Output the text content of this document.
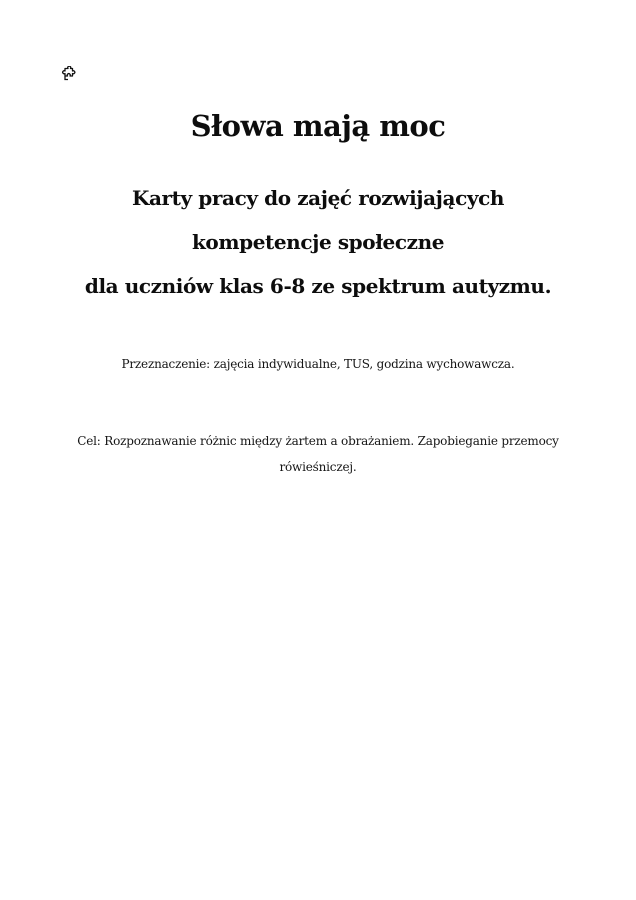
Słowa mają moc
Karty pracy do zajęć rozwijających
kompetencje społeczne
dla uczniów klas 6-8 ze spektrum autyzmu.
Przeznaczenie: zajęcia indywidualne, TUS, godzina wychowawcza.
Cel: Rozpoznawanie różnic między żartem a obrażaniem. Zapobieganie przemocy rówieśniczej.
